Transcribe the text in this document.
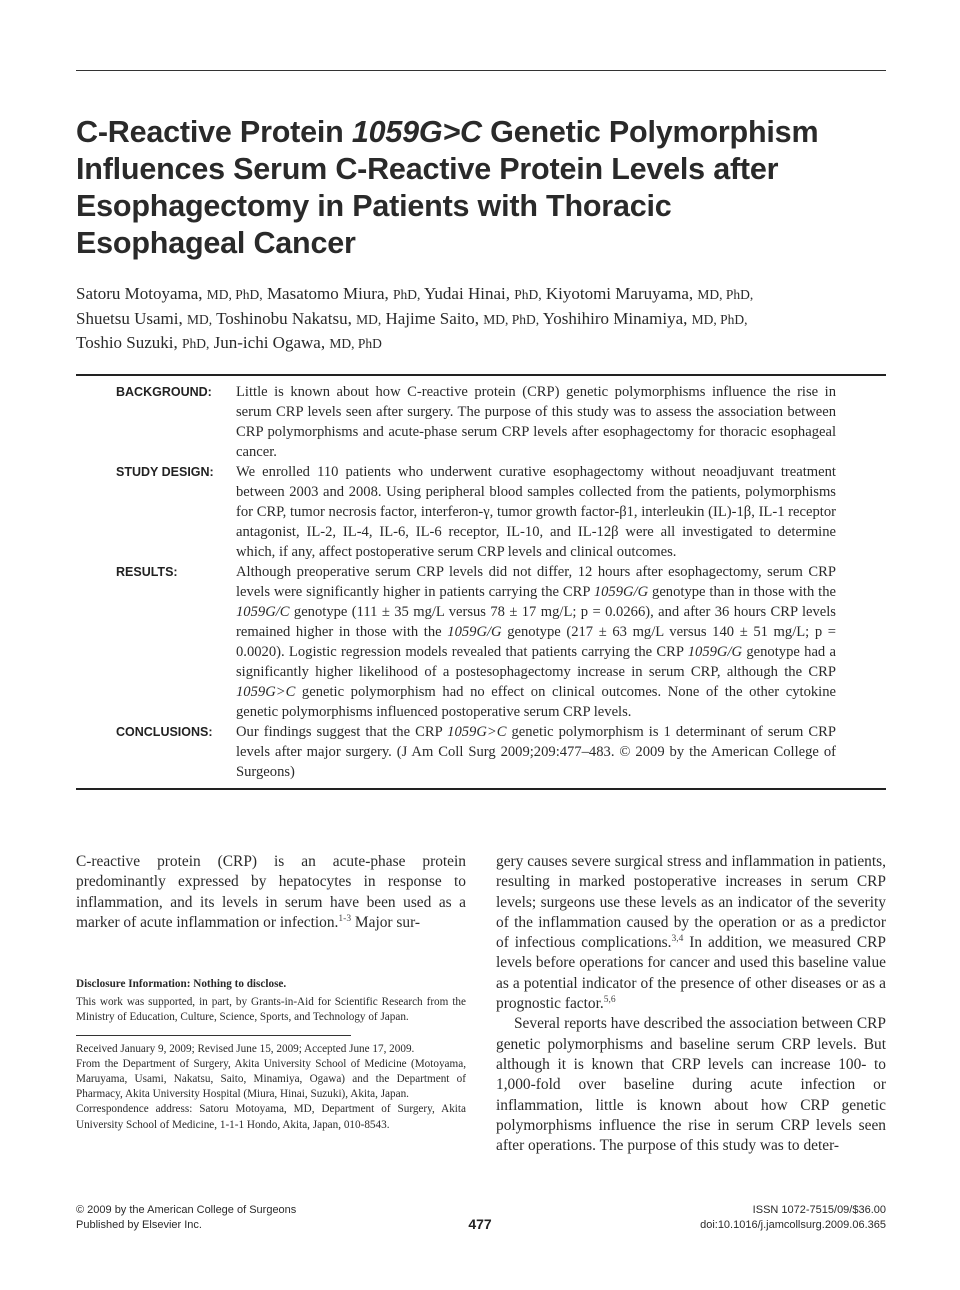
C-Reactive Protein 1059G>C Genetic Polymorphism Influences Serum C-Reactive Protein Levels after Esophagectomy in Patients with Thoracic Esophageal Cancer
Satoru Motoyama, MD, PhD, Masatomo Miura, PhD, Yudai Hinai, PhD, Kiyotomi Maruyama, MD, PhD,
Shuetsu Usami, MD, Toshinobu Nakatsu, MD, Hajime Saito, MD, PhD, Yoshihiro Minamiya, MD, PhD,
Toshio Suzuki, PhD, Jun-ichi Ogawa, MD, PhD
BACKGROUND:	Little is known about how C-reactive protein (CRP) genetic polymorphisms influence the rise in serum CRP levels seen after surgery. The purpose of this study was to assess the association between CRP polymorphisms and acute-phase serum CRP levels after esophagectomy for thoracic esophageal cancer.
STUDY DESIGN:	We enrolled 110 patients who underwent curative esophagectomy without neoadjuvant treatment between 2003 and 2008. Using peripheral blood samples collected from the patients, polymorphisms for CRP, tumor necrosis factor, interferon-γ, tumor growth factor-β1, interleukin (IL)-1β, IL-1 receptor antagonist, IL-2, IL-4, IL-6, IL-6 receptor, IL-10, and IL-12β were all investigated to determine which, if any, affect postoperative serum CRP levels and clinical outcomes.
RESULTS:	Although preoperative serum CRP levels did not differ, 12 hours after esophagectomy, serum CRP levels were significantly higher in patients carrying the CRP 1059G/G genotype than in those with the 1059G/C genotype (111 ± 35 mg/L versus 78 ± 17 mg/L; p = 0.0266), and after 36 hours CRP levels remained higher in those with the 1059G/G genotype (217 ± 63 mg/L versus 140 ± 51 mg/L; p = 0.0020). Logistic regression models revealed that patients carrying the CRP 1059G/G genotype had a significantly higher likelihood of a postesophagectomy increase in serum CRP, although the CRP 1059G>C genetic polymorphism had no effect on clinical outcomes. None of the other cytokine genetic polymorphisms influenced postoperative serum CRP levels.
CONCLUSIONS:	Our findings suggest that the CRP 1059G>C genetic polymorphism is 1 determinant of serum CRP levels after major surgery. (J Am Coll Surg 2009;209:477–483. © 2009 by the American College of Surgeons)

C-reactive protein (CRP) is an acute-phase protein predominantly expressed by hepatocytes in response to inflammation, and its levels in serum have been used as a marker of acute inflammation or infection.$^{1-3}$ Major sur-

Disclosure Information: Nothing to disclose.

This work was supported, in part, by Grants-in-Aid for Scientific Research from the Ministry of Education, Culture, Science, Sports, and Technology of Japan.

Received January 9, 2009; Revised June 15, 2009; Accepted June 17, 2009.

From the Department of Surgery, Akita University School of Medicine (Motoyama, Maruyama, Usami, Nakatsu, Saito, Minamiya, Ogawa) and the Department of Pharmacy, Akita University Hospital (Miura, Hinai, Suzuki), Akita, Japan.

Correspondence address: Satoru Motoyama, MD, Department of Surgery, Akita University School of Medicine, 1-1-1 Hondo, Akita, Japan, 010-8543.

gery causes severe surgical stress and inflammation in patients, resulting in marked postoperative increases in serum CRP levels; surgeons use these levels as an indicator of the severity of the inflammation caused by the operation or as a predictor of infectious complications.$^{3,4}$ In addition, we measured CRP levels before operations for cancer and used this baseline value as a potential indicator of the presence of other diseases or as a prognostic factor.$^{5,6}$

Several reports have described the association between CRP genetic polymorphisms and baseline serum CRP levels. But although it is known that CRP levels can increase 100- to 1,000-fold over baseline during acute infection or inflammation, little is known about how CRP genetic polymorphisms influence the rise in serum CRP levels seen after operations. The purpose of this study was to deter-

© 2009 by the American College of Surgeons
Published by Elsevier Inc.	477
ISSN 1072-7515/09/$36.00
doi:10.1016/j.jamcollsurg.2009.06.365
